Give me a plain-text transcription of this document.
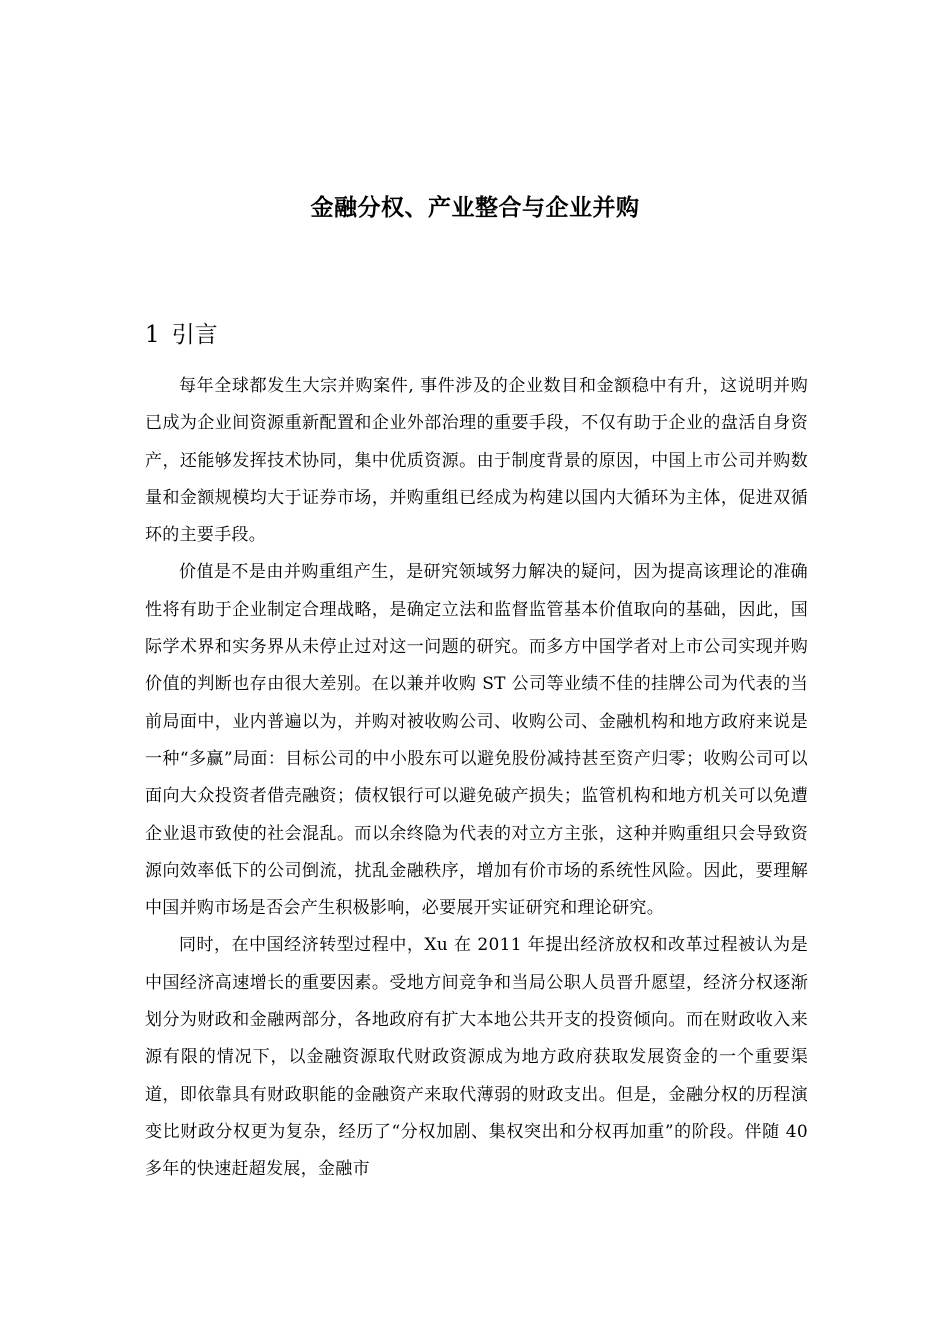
金融分权、产业整合与企业并购
1 引言

每年全球都发生大宗并购案件, 事件涉及的企业数目和金额稳中有升，这说明并购已成为企业间资源重新配置和企业外部治理的重要手段，不仅有助于企业的盘活自身资产，还能够发挥技术协同，集中优质资源。由于制度背景的原因，中国上市公司并购数量和金额规模均大于证券市场，并购重组已经成为构建以国内大循环为主体，促进双循环的主要手段。

价值是不是由并购重组产生，是研究领域努力解决的疑问，因为提高该理论的准确性将有助于企业制定合理战略，是确定立法和监督监管基本价值取向的基础，因此，国际学术界和实务界从未停止过对这一问题的研究。而多方中国学者对上市公司实现并购价值的判断也存由很大差别。在以兼并收购 ST 公司等业绩不佳的挂牌公司为代表的当前局面中，业内普遍以为，并购对被收购公司、收购公司、金融机构和地方政府来说是一种“多赢”局面：目标公司的中小股东可以避免股份减持甚至资产归零；收购公司可以面向大众投资者借壳融资；债权银行可以避免破产损失；监管机构和地方机关可以免遭企业退市致使的社会混乱。而以余终隐为代表的对立方主张，这种并购重组只会导致资源向效率低下的公司倒流，扰乱金融秩序，增加有价市场的系统性风险。因此，要理解中国并购市场是否会产生积极影响，必要展开实证研究和理论研究。

同时，在中国经济转型过程中，Xu 在 2011 年提出经济放权和改革过程被认为是中国经济高速增长的重要因素。受地方间竞争和当局公职人员晋升愿望，经济分权逐渐划分为财政和金融两部分，各地政府有扩大本地公共开支的投资倾向。而在财政收入来源有限的情况下，以金融资源取代财政资源成为地方政府获取发展资金的一个重要渠道，即依靠具有财政职能的金融资产来取代薄弱的财政支出。但是，金融分权的历程演变比财政分权更为复杂，经历了“分权加剧、集权突出和分权再加重”的阶段。伴随 40 多年的快速赶超发展，金融市
